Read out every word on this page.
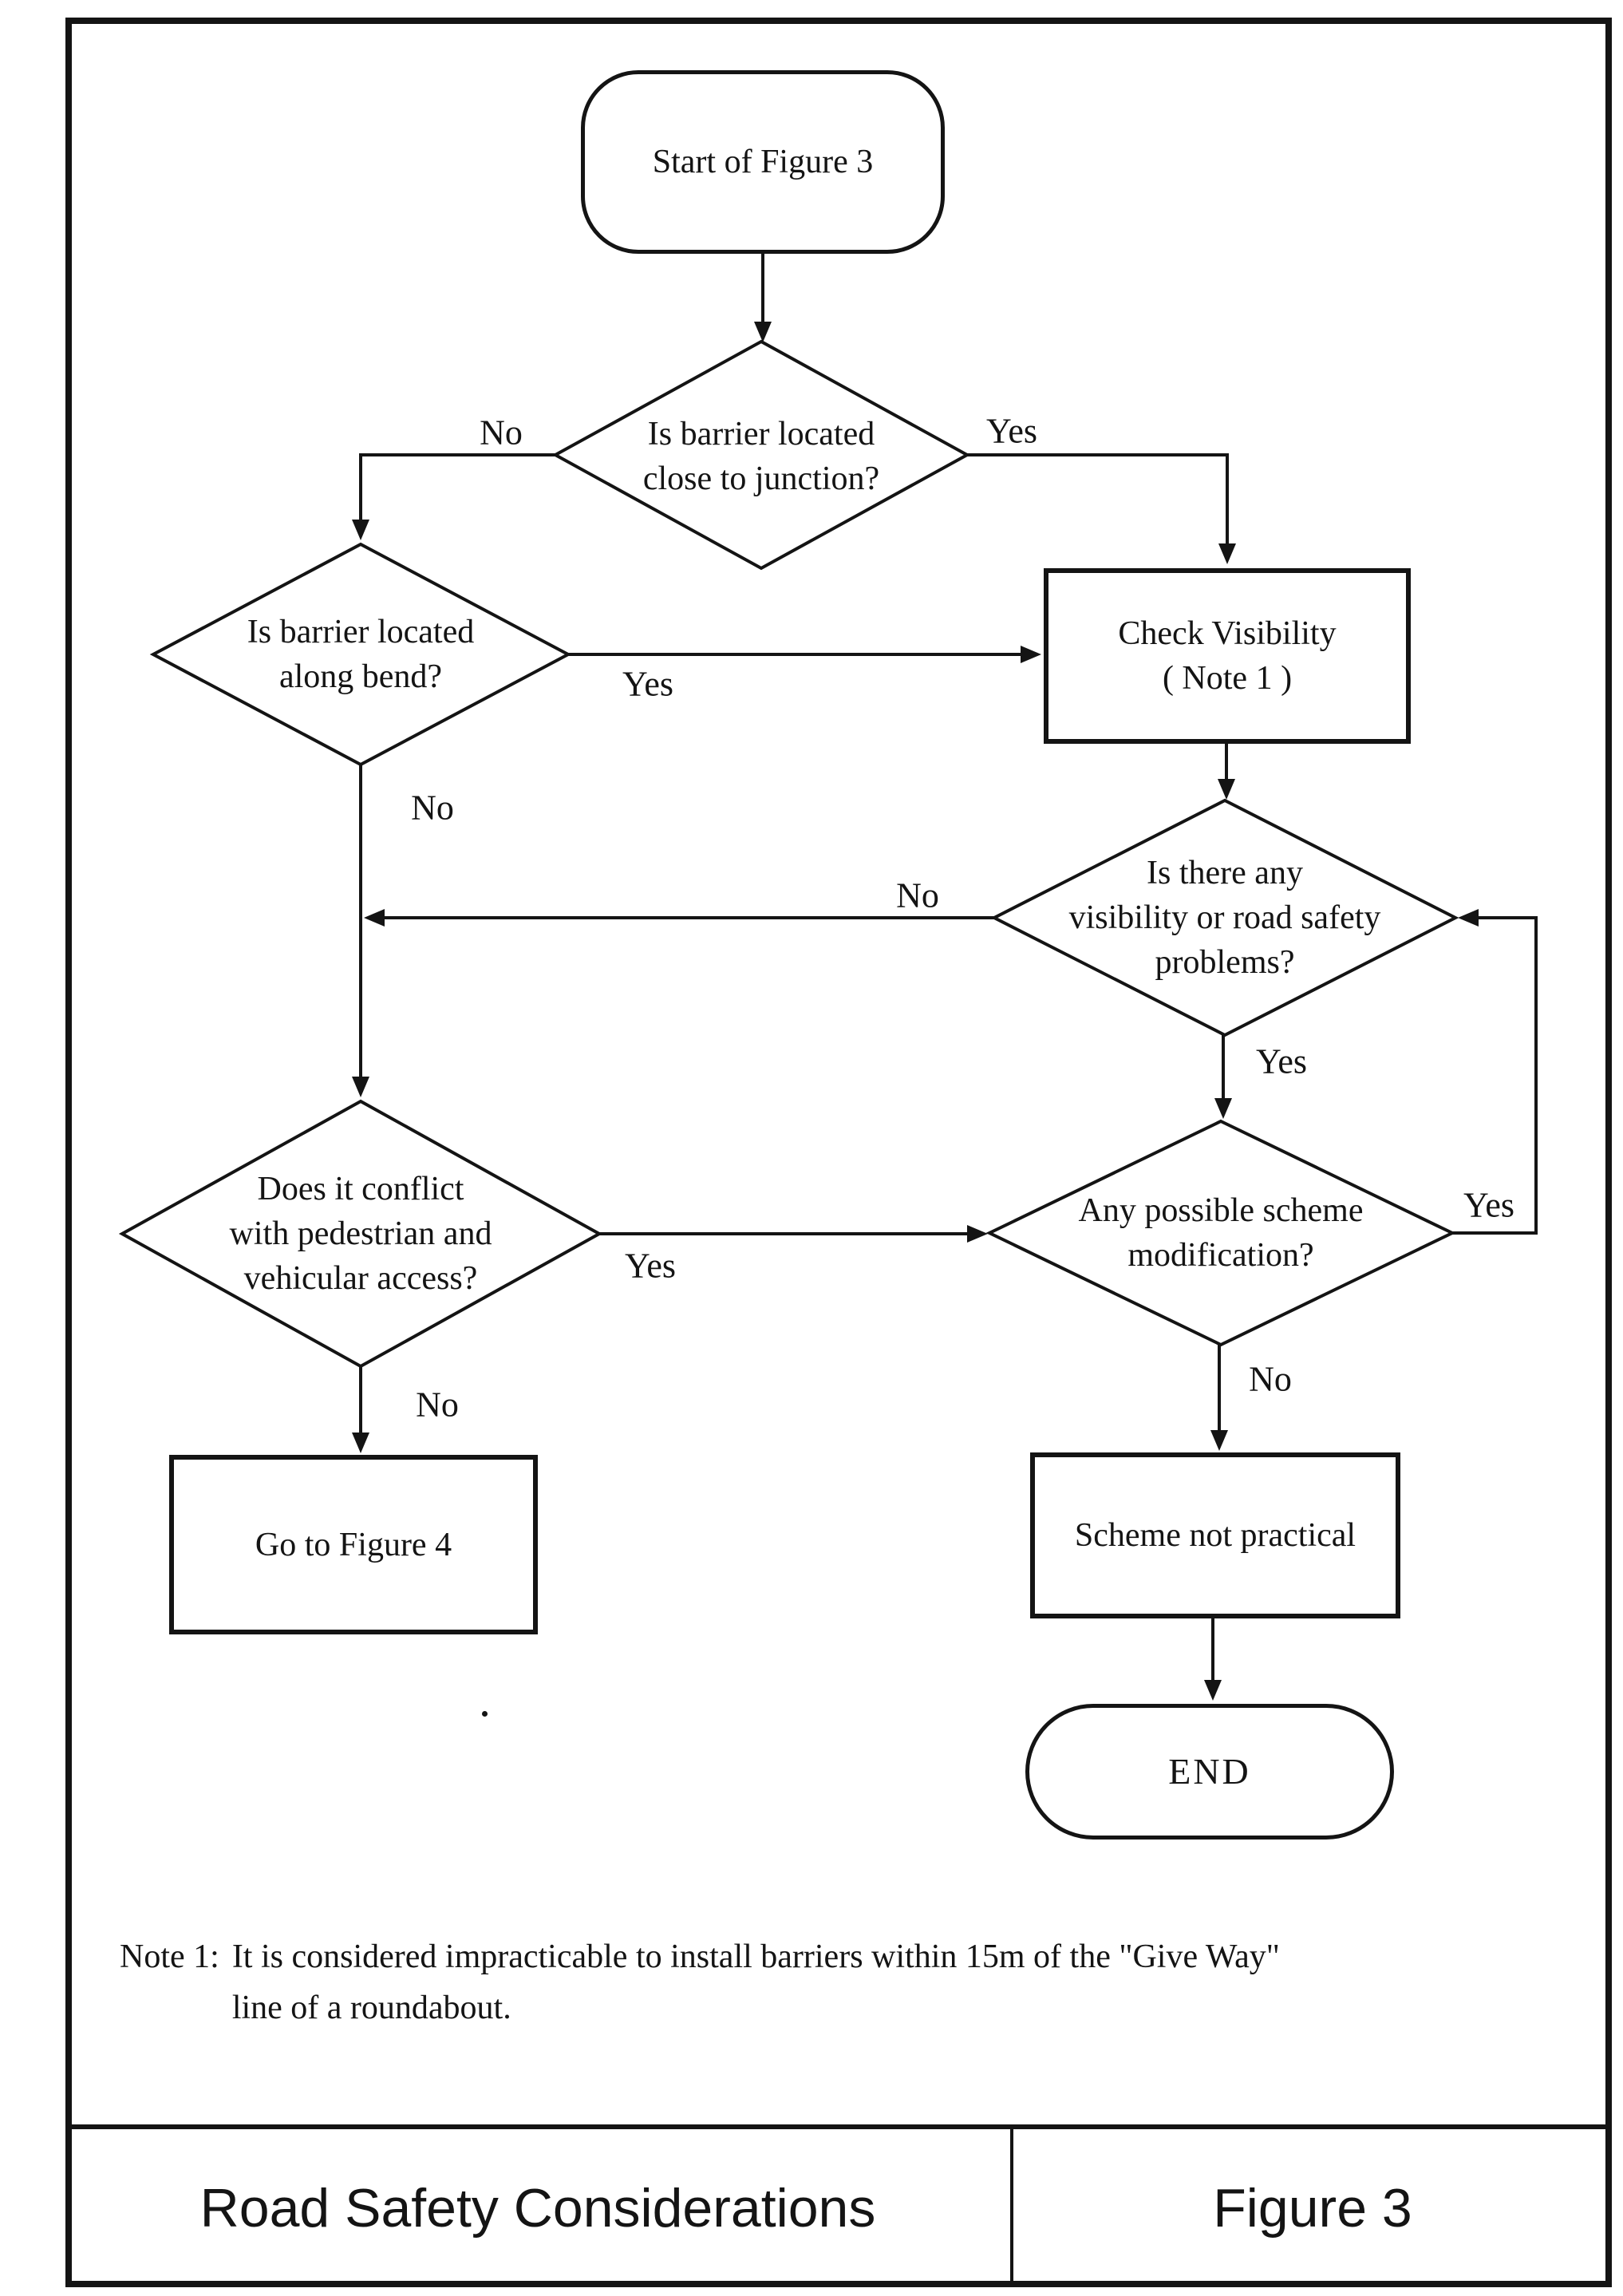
Start of Figure 3
Check Visibility
( Note 1 )
Go to Figure 4	Scheme not practical
END
Is barrier located
close to junction?
Is barrier located
along bend?
Is there any
visibility or road safety
problems?
Does it conflict
with pedestrian and
vehicular access?
Any possible scheme
modification?
No	Yes
Yes
No
No
Yes
Yes
Yes
No
No
Note 1: It is considered impracticable to install barriers within 15m of the "Give Way"
line of a roundabout.
Road Safety Considerations	Figure 3
